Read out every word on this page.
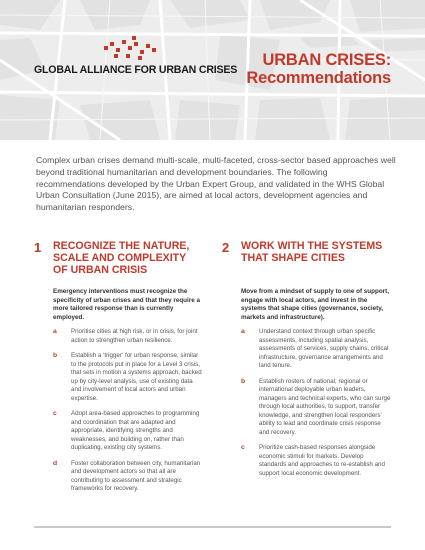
GLOBAL ALLIANCE FOR URBAN CRISES
URBAN CRISES:
Recommendations

Complex urban crises demand multi-scale, multi-faceted, cross-sector based approaches well beyond traditional humanitarian and development boundaries. The following recommendations developed by the Urban Expert Group, and validated in the WHS Global Urban Consultation (June 2015), are aimed at local actors, development agencies and humanitarian responders.

1 RECOGNIZE THE NATURE, SCALE AND COMPLEXITY OF URBAN CRISIS

Emergency interventions must recognize the specificity of urban crises and that they require a more tailored response than is currently employed.

a Prioritise cities at high risk, or in crisis, for joint action to strengthen urban resilience.
b Establish a ‘trigger’ for urban response, similar to the protocols put in place for a Level 3 crisis, that sets in motion a systems approach, backed up by city-level analysis, use of existing data and involvement of local actors and urban expertise.
c Adopt area-based approaches to programming and coordination that are adapted and appropriate, identifying strengths and weaknesses, and building on, rather than duplicating, existing city systems.
d Foster collaboration between city, humanitarian and development actors so that all are contributing to assessment and strategic frameworks for recovery.
2 WORK WITH THE SYSTEMS THAT SHAPE CITIES

Move from a mindset of supply to one of support, engage with local actors, and invest in the systems that shape cities (governance, society, markets and infrastructure).

a Understand context through urban specific assessments, including spatial analysis, assessments of services, supply chains, critical infrastructure, governance arrangements and land tenure.
b Establish rosters of national, regional or international deployable urban leaders, managers and technical experts, who can surge through local authorities, to support, transfer knowledge, and strengthen local responders’ ability to lead and coordinate crisis response and recovery.
c Prioritize cash-based responses alongside economic stimuli for markets. Develop standards and approaches to re-establish and support local economic development.
